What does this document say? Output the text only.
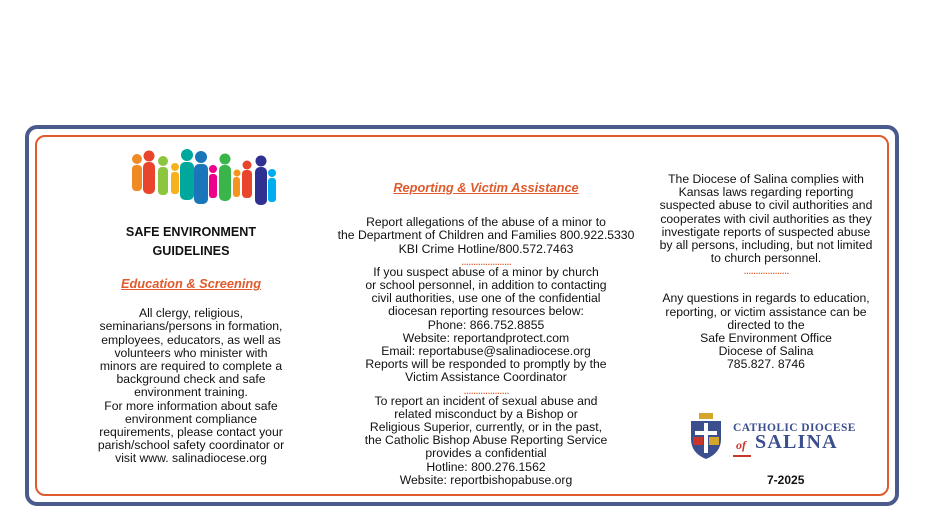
SAFE ENVIRONMENT
GUIDELINES
Education & Screening
All clergy, religious,
seminarians/persons in formation,
employees, educators, as well as
volunteers who minister with
minors are required to complete a
background check and safe
environment training.
For more information about safe
environment compliance
requirements, please contact your
parish/school safety coordinator or
visit www. salinadiocese.org
Reporting & Victim Assistance
Report allegations of the abuse of a minor to
the Department of Children and Families 800.922.5330
KBI Crime Hotline/800.572.7463
.....................
If you suspect abuse of a minor by church
or school personnel, in addition to contacting
civil authorities, use one of the confidential
diocesan reporting resources below:
Phone: 866.752.8855
Website: reportandprotect.com
Email: reportabuse@salinadiocese.org
Reports will be responded to promptly by the
Victim Assistance Coordinator
...................
To report an incident of sexual abuse and
related misconduct by a Bishop or
Religious Superior, currently, or in the past,
the Catholic Bishop Abuse Reporting Service
provides a confidential
Hotline: 800.276.1562
Website: reportbishopabuse.org
The Diocese of Salina complies with
Kansas laws regarding reporting
suspected abuse to civil authorities and
cooperates with civil authorities as they
investigate reports of suspected abuse
by all persons, including, but not limited
to church personnel.
...................
Any questions in regards to education,
reporting, or victim assistance can be
directed to the
Safe Environment Office
Diocese of Salina
785.827. 8746
CATHOLIC DIOCESE
of SALINA
7-2025
